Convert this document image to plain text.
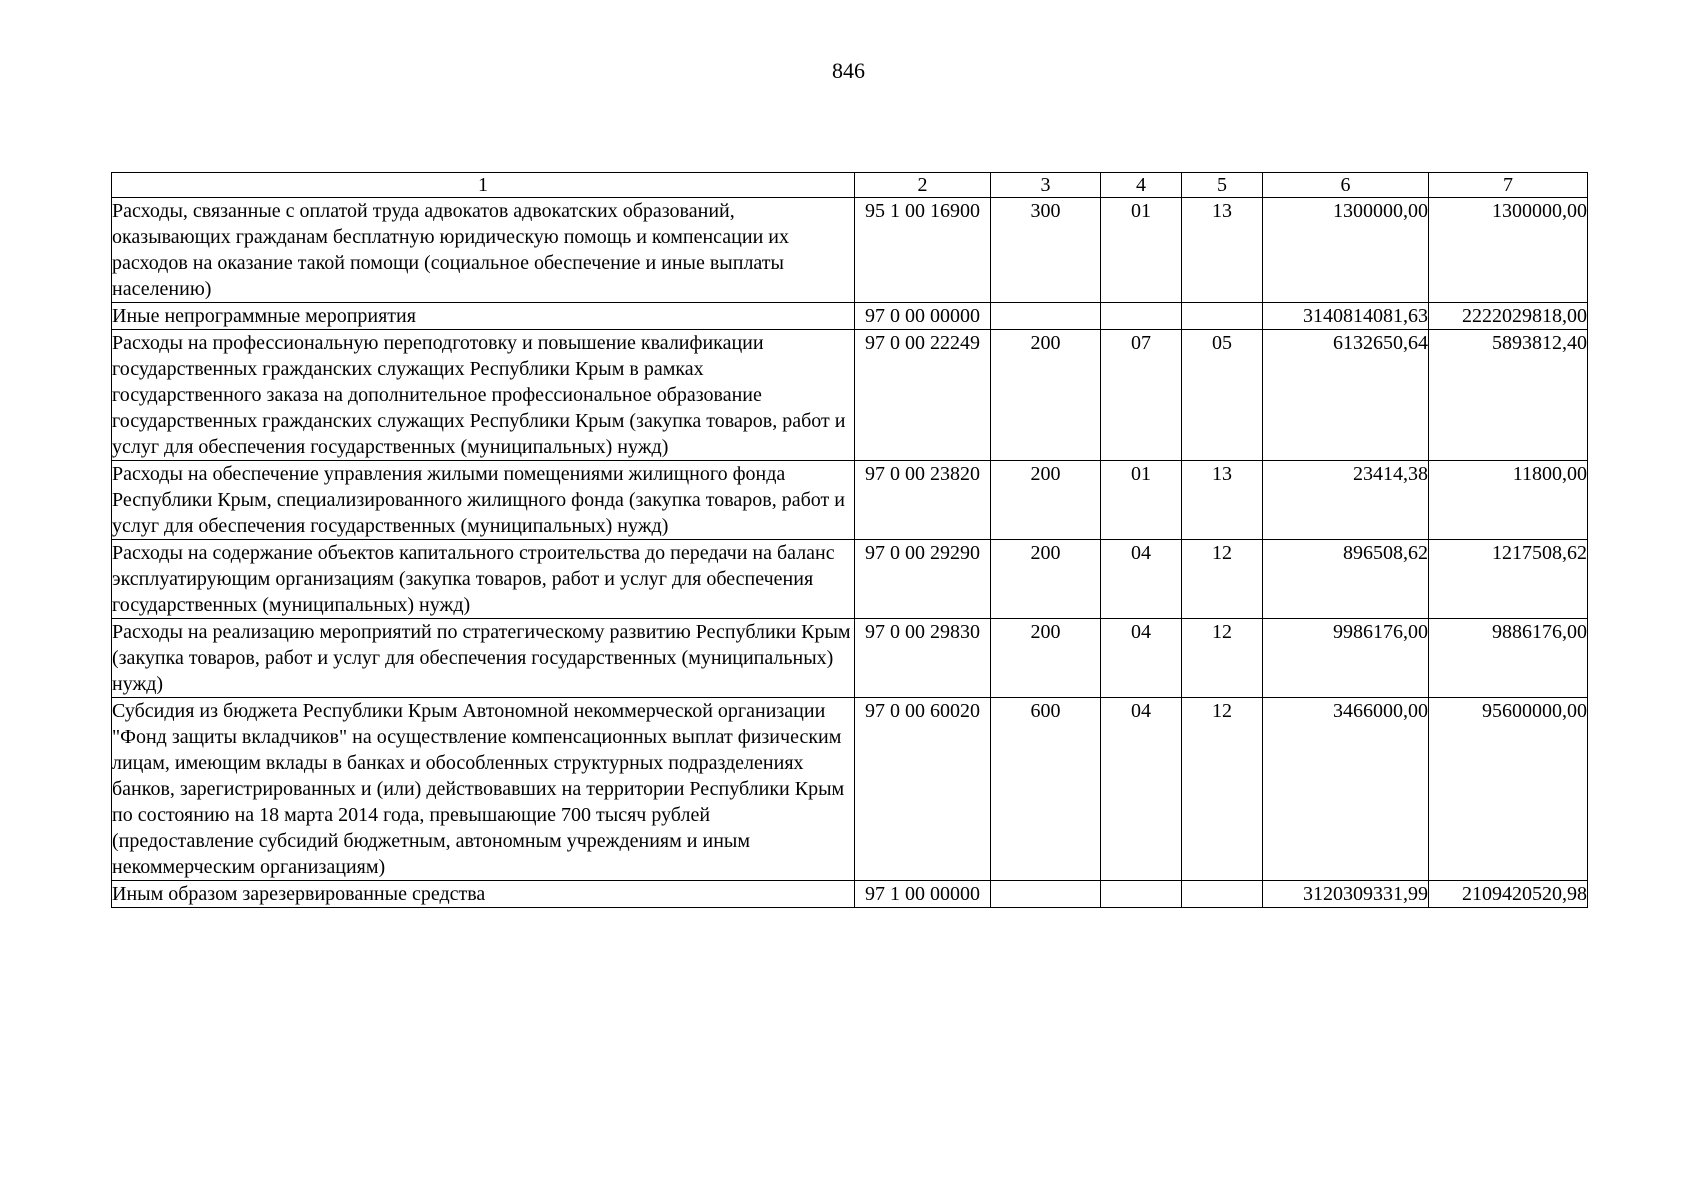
846
1	2	3	4	5	6	7
Расходы, связанные с оплатой труда адвокатов адвокатских образований, оказывающих гражданам бесплатную юридическую помощь и компенсации их расходов на оказание такой помощи (социальное обеспечение и иные выплаты населению)	95 1 00 16900	300	01	13	1300000,00	1300000,00
Иные непрограммные мероприятия	97 0 00 00000				3140814081,63	2222029818,00
Расходы на профессиональную переподготовку и повышение квалификации государственных гражданских служащих Республики Крым в рамках государственного заказа на дополнительное профессиональное образование государственных гражданских служащих Республики Крым (закупка товаров, работ и услуг для обеспечения государственных (муниципальных) нужд)	97 0 00 22249	200	07	05	6132650,64	5893812,40
Расходы на обеспечение управления жилыми помещениями жилищного фонда Республики Крым, специализированного жилищного фонда (закупка товаров, работ и услуг для обеспечения государственных (муниципальных) нужд)	97 0 00 23820	200	01	13	23414,38	11800,00
Расходы на содержание объектов капитального строительства до передачи на баланс эксплуатирующим организациям (закупка товаров, работ и услуг для обеспечения государственных (муниципальных) нужд)	97 0 00 29290	200	04	12	896508,62	1217508,62
Расходы на реализацию мероприятий по стратегическому развитию Республики Крым (закупка товаров, работ и услуг для обеспечения государственных (муниципальных) нужд)	97 0 00 29830	200	04	12	9986176,00	9886176,00
Субсидия из бюджета Республики Крым Автономной некоммерческой организации "Фонд защиты вкладчиков" на осуществление компенсационных выплат физическим лицам, имеющим вклады в банках и обособленных структурных подразделениях банков, зарегистрированных и (или) действовавших на территории Республики Крым по состоянию на 18 марта 2014 года, превышающие 700 тысяч рублей (предоставление субсидий бюджетным, автономным учреждениям и иным некоммерческим организациям)	97 0 00 60020	600	04	12	3466000,00	95600000,00
Иным образом зарезервированные средства	97 1 00 00000				3120309331,99	2109420520,98
